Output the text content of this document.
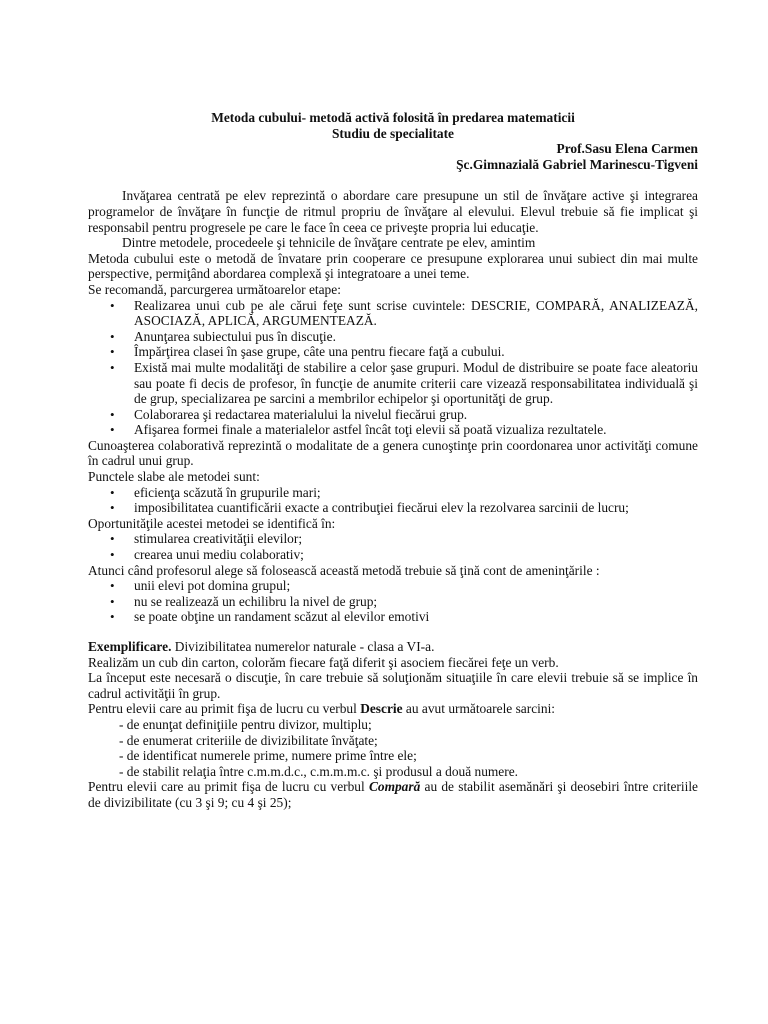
Metoda cubului- metodă activă folosită în predarea matematicii

Studiu de specialitate

Prof.Sasu Elena Carmen

Şc.Gimnazială Gabriel Marinescu-Tigveni

Invăţarea centrată pe elev reprezintă o abordare care presupune un stil de învăţare active şi integrarea programelor de învăţare în funcţie de ritmul propriu de învăţare al elevului. Elevul trebuie să fie implicat şi responsabil pentru progresele pe care le face în ceea ce priveşte propria lui educaţie.

Dintre metodele, procedeele şi tehnicile de învăţare centrate pe elev, amintim

Metoda cubului este o metodă de învatare prin cooperare ce presupune explorarea unui subiect din mai multe perspective, permiţând abordarea complexă şi integratoare a unei teme.

Se recomandă, parcurgerea următoarelor etape:

• Realizarea unui cub pe ale cărui feţe sunt scrise cuvintele: DESCRIE, COMPARĂ, ANALIZEAZĂ, ASOCIAZĂ, APLICĂ, ARGUMENTEAZĂ.
• Anunţarea subiectului pus în discuţie.
• Împărţirea clasei în şase grupe, câte una pentru fiecare faţă a cubului.
• Există mai multe modalităţi de stabilire a celor şase grupuri. Modul de distribuire se poate face aleatoriu sau poate fi decis de profesor, în funcţie de anumite criterii care vizează responsabilitatea individuală şi de grup, specializarea pe sarcini a membrilor echipelor şi oportunităţi de grup.
• Colaborarea şi redactarea materialului la nivelul fiecărui grup.
• Afişarea formei finale a materialelor astfel încât toţi elevii să poată vizualiza rezultatele.

Cunoaşterea colaborativă reprezintă o modalitate de a genera cunoştinţe prin coordonarea unor activităţi comune în cadrul unui grup.

Punctele slabe ale metodei sunt:

• eficienţa scăzută în grupurile mari;
• imposibilitatea cuantificării exacte a contribuţiei fiecărui elev la rezolvarea sarcinii de lucru;

Oportunităţile acestei metodei se identifică în:

• stimularea creativităţii elevilor;
• crearea unui mediu colaborativ;

Atunci când profesorul alege să folosească această metodă trebuie să ţină cont de ameninţările :

• unii elevi pot domina grupul;
• nu se realizează un echilibru la nivel de grup;
• se poate obţine un randament scăzut al elevilor emotivi

Exemplificare. Divizibilitatea numerelor naturale - clasa a VI-a.

Realizăm un cub din carton, colorăm fiecare faţă diferit şi asociem fiecărei feţe un verb.

La început este necesară o discuţie, în care trebuie să soluţionăm situaţiile în care elevii trebuie să se implice în cadrul activităţii în grup.

Pentru elevii care au primit fişa de lucru cu verbul Descrie au avut următoarele sarcini:

- de enunţat definiţiile pentru divizor, multiplu;

- de enumerat criteriile de divizibilitate învăţate;

- de identificat numerele prime, numere prime între ele;

- de stabilit relaţia între c.m.m.d.c., c.m.m.m.c. şi produsul a două numere.

Pentru elevii care au primit fişa de lucru cu verbul Compară au de stabilit asemănări şi deosebiri între criteriile de divizibilitate (cu 3 şi 9; cu 4 şi 25);
